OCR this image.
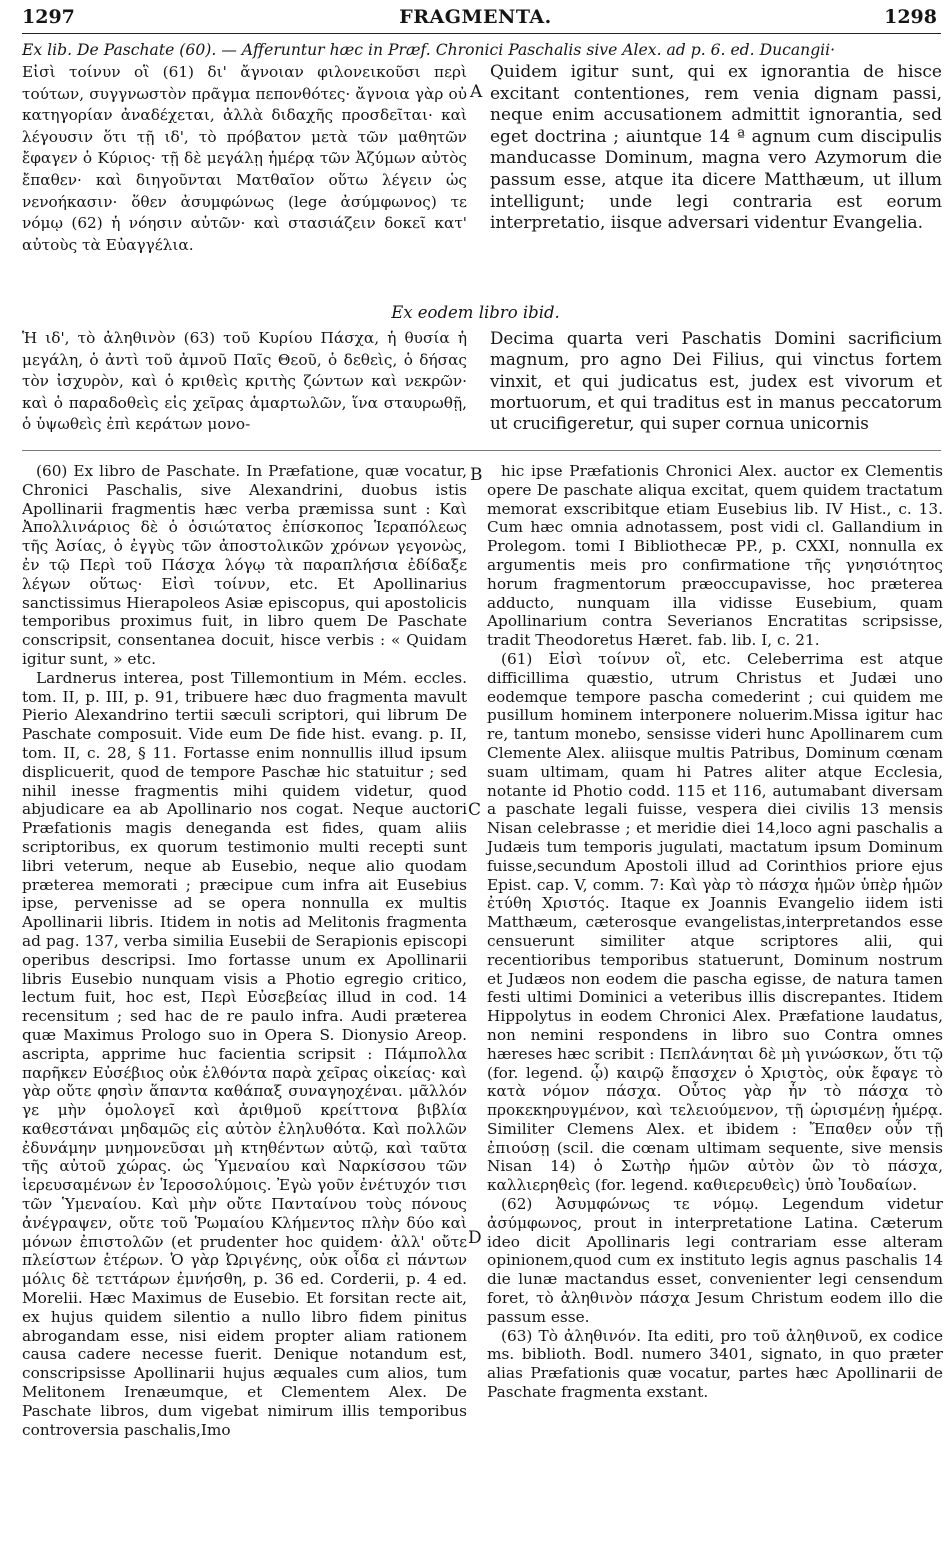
1297	FRAGMENTA.	1298
Ex lib. De Paschate (60). — Afferuntur hæc in Præf. Chronici Paschalis sive Alex. ad p. 6. ed. Ducangii·

Εἰσὶ τοίνυν οἳ (61) δι' ἄγνοιαν φιλονεικοῦσι περὶ τούτων, συγγνωστὸν πρᾶγμα πεπονθότες· ἄγνοια γὰρ οὐ κατηγορίαν ἀναδέχεται, ἀλλὰ διδαχῆς προσδεῖται· καὶ λέγουσιν ὅτι τῇ ιδ', τὸ πρόβατον μετὰ τῶν μαθητῶν ἔφαγεν ὁ Κύριος· τῇ δὲ μεγάλῃ ἡμέρᾳ τῶν Ἀζύμων αὐτὸς ἔπαθεν· καὶ διηγοῦνται Ματθαῖον οὕτω λέγειν ὡς νενοήκασιν· ὅθεν ἀσυμφώνως (lege ἀσύμφωνος) τε νόμῳ (62) ἡ νόησιν αὐτῶν· καὶ στασιάζειν δοκεῖ κατ' αὐτοὺς τὰ Εὐαγγέλια.

Quidem igitur sunt, qui ex ignorantia de hisce excitant contentiones, rem venia dignam passi, neque enim accusationem admittit ignorantia, sed eget doctrina ; aiuntque 14 ª agnum cum discipulis manducasse Dominum, magna vero Azymorum die passum esse, atque ita dicere Matthæum, ut illum intelligunt; unde legi contraria est eorum interpretatio, iisque adversari videntur Evangelia.

A
Ex eodem libro ibid.

Ἡ ιδ', τὸ ἀληθινὸν (63) τοῦ Κυρίου Πάσχα, ἡ θυσία ἡ μεγάλη, ὁ ἀντὶ τοῦ ἀμνοῦ Παῖς Θεοῦ, ὁ δεθεὶς, ὁ δήσας τὸν ἰσχυρὸν, καὶ ὁ κριθεὶς κριτὴς ζώντων καὶ νεκρῶν· καὶ ὁ παραδοθεὶς εἰς χεῖρας ἁμαρτωλῶν, ἵνα σταυρωθῇ, ὁ ὑψωθεὶς ἐπὶ κεράτων μονο-

Decima quarta veri Paschatis Domini sacrificium magnum, pro agno Dei Filius, qui vinctus fortem vinxit, et qui judicatus est, judex est vivorum et mortuorum, et qui traditus est in manus peccatorum ut crucifigeretur, qui super cornua unicornis

B
C
D

(60) Ex libro de Paschate. In Præfatione, quæ vocatur, Chronici Paschalis, sive Alexandrini, duobus istis Apollinarii fragmentis hæc verba præmissa sunt : Καὶ Ἀπολλινάριος δὲ ὁ ὁσιώτατος ἐπίσκοπος Ἱεραπόλεως τῆς Ἀσίας, ὁ ἐγγὺς τῶν ἀποστολικῶν χρόνων γεγονὼς, ἐν τῷ Περὶ τοῦ Πάσχα λόγῳ τὰ παραπλήσια ἐδίδαξε λέγων οὕτως· Εἰσὶ τοίνυν, etc. Et Apollinarius sanctissimus Hierapoleos Asiæ episcopus, qui apostolicis temporibus proximus fuit, in libro quem De Paschate conscripsit, consentanea docuit, hisce verbis : « Quidam igitur sunt, » etc.

Lardnerus interea, post Tillemontium in Mém. eccles. tom. II, p. III, p. 91, tribuere hæc duo fragmenta mavult Pierio Alexandrino tertii sæculi scriptori, qui librum De Paschate composuit. Vide eum De fide hist. evang. p. II, tom. II, c. 28, § 11. Fortasse enim nonnullis illud ipsum displicuerit, quod de tempore Paschæ hic statuitur ; sed nihil inesse fragmentis mihi quidem videtur, quod abjudicare ea ab Apollinario nos cogat. Neque auctori Præfationis magis deneganda est fides, quam aliis scriptoribus, ex quorum testimonio multi recepti sunt libri veterum, neque ab Eusebio, neque alio quodam præterea memorati ; præcipue cum infra ait Eusebius ipse, pervenisse ad se opera nonnulla ex multis Apollinarii libris. Itidem in notis ad Melitonis fragmenta ad pag. 137, verba similia Eusebii de Serapionis episcopi operibus descripsi. Imo fortasse unum ex Apollinarii libris Eusebio nunquam visis a Photio egregio critico, lectum fuit, hoc est, Περὶ Εὐσεβείας illud in cod. 14 recensitum ; sed hac de re paulo infra. Audi præterea quæ Maximus Prologo suo in Opera S. Dionysio Areop. ascripta, apprime huc facientia scripsit : Πάμπολλα παρῆκεν Εὐσέβιος οὐκ ἐλθόντα παρὰ χεῖρας οἰκείας· καὶ γὰρ οὔτε φησὶν ἅπαντα καθάπαξ συναγηοχέναι. μᾶλλόν γε μὴν ὁμολογεῖ καὶ ἀριθμοῦ κρείττονα βιβλία καθεστάναι μηδαμῶς εἰς αὐτὸν ἐληλυθότα. Καὶ πολλῶν ἐδυνάμην μνημονεῦσαι μὴ κτηθέντων αὐτῷ, καὶ ταῦτα τῆς αὐτοῦ χώρας. ὡς Ὑμεναίου καὶ Ναρκίσσου τῶν ἱερευσαμένων ἐν Ἱεροσολύμοις. Ἐγὼ γοῦν ἐνέτυχόν τισι τῶν Ὑμεναίου. Καὶ μὴν οὔτε Πανταίνου τοὺς πόνους ἀνέγραψεν, οὔτε τοῦ Ῥωμαίου Κλήμεντος πλὴν δύο καὶ μόνων ἐπιστολῶν (et prudenter hoc quidem· ἀλλ' οὔτε πλείστων ἑτέρων. Ὁ γὰρ Ὠριγένης, οὐκ οἶδα εἰ πάντων μόλις δὲ τεττάρων ἐμνήσθη, p. 36 ed. Corderii, p. 4 ed. Morelii. Hæc Maximus de Eusebio. Et forsitan recte ait, ex hujus quidem silentio a nullo libro fidem pinitus abrogandam esse, nisi eidem propter aliam rationem causa cadere necesse fuerit. Denique notandum est, conscripsisse Apollinarii hujus æquales cum alios, tum Melitonem Irenæumque, et Clementem Alex. De Paschate libros, dum vigebat nimirum illis temporibus controversia paschalis,Imo

hic ipse Præfationis Chronici Alex. auctor ex Clementis opere De paschate aliqua excitat, quem quidem tractatum memorat exscribitque etiam Eusebius lib. IV Hist., c. 13. Cum hæc omnia adnotassem, post vidi cl. Gallandium in Prolegom. tomi I Bibliothecæ PP., p. CXXI, nonnulla ex argumentis meis pro confirmatione τῆς γνησιότητος horum fragmentorum præoccupavisse, hoc præterea adducto, nunquam illa vidisse Eusebium, quam Apollinarium contra Severianos Encratitas scripsisse, tradit Theodoretus Hæret. fab. lib. I, c. 21.

(61) Εἰσὶ τοίνυν οἳ, etc. Celeberrima est atque difficillima quæstio, utrum Christus et Judæi uno eodemque tempore pascha comederint ; cui quidem me pusillum hominem interponere noluerim.Missa igitur hac re, tantum monebo, sensisse videri hunc Apollinarem cum Clemente Alex. aliisque multis Patribus, Dominum cœnam suam ultimam, quam hi Patres aliter atque Ecclesia, notante id Photio codd. 115 et 116, autumabant diversam a paschate legali fuisse, vespera diei civilis 13 mensis Nisan celebrasse ; et meridie diei 14,loco agni paschalis a Judæis tum temporis jugulati, mactatum ipsum Dominum fuisse,secundum Apostoli illud ad Corinthios priore ejus Epist. cap. V, comm. 7: Καὶ γὰρ τὸ πάσχα ἡμῶν ὑπὲρ ἡμῶν ἐτύθη Χριστός. Itaque ex Joannis Evangelio iidem isti Matthæum, cæterosque evangelistas,interpretandos esse censuerunt similiter atque scriptores alii, qui recentioribus temporibus statuerunt, Dominum nostrum et Judæos non eodem die pascha egisse, de natura tamen festi ultimi Dominici a veteribus illis discrepantes. Itidem Hippolytus in eodem Chronici Alex. Præfatione laudatus, non nemini respondens in libro suo Contra omnes hæreses hæc scribit : Πεπλάνηται δὲ μὴ γινώσκων, ὅτι τῷ (for. legend. ᾧ) καιρῷ ἔπασχεν ὁ Χριστὸς, οὐκ ἔφαγε τὸ κατὰ νόμον πάσχα. Οὗτος γὰρ ἦν τὸ πάσχα τὸ προκεκηρυγμένον, καὶ τελειούμενον, τῇ ὡρισμένῃ ἡμέρᾳ. Similiter Clemens Alex. et ibidem : Ἔπαθεν οὖν τῇ ἐπιούσῃ (scil. die cœnam ultimam sequente, sive mensis Nisan 14) ὁ Σωτὴρ ἡμῶν αὐτὸν ὢν τὸ πάσχα, καλλιερηθεὶς (for. legend. καθιερευθεὶς) ὑπὸ Ἰουδαίων.

(62) Ἀσυμφώνως τε νόμῳ. Legendum videtur ἀσύμφωνος, prout in interpretatione Latina. Cæterum ideo dicit Apollinaris legi contrariam esse alteram opinionem,quod cum ex instituto legis agnus paschalis 14 die lunæ mactandus esset, convenienter legi censendum foret, τὸ ἀληθινὸν πάσχα Jesum Christum eodem illo die passum esse.

(63) Τὸ ἀληθινόν. Ita editi, pro τοῦ ἀληθινοῦ, ex codice ms. biblioth. Bodl. numero 3401, signato, in quo præter alias Præfationis quæ vocatur, partes hæc Apollinarii de Paschate fragmenta exstant.
